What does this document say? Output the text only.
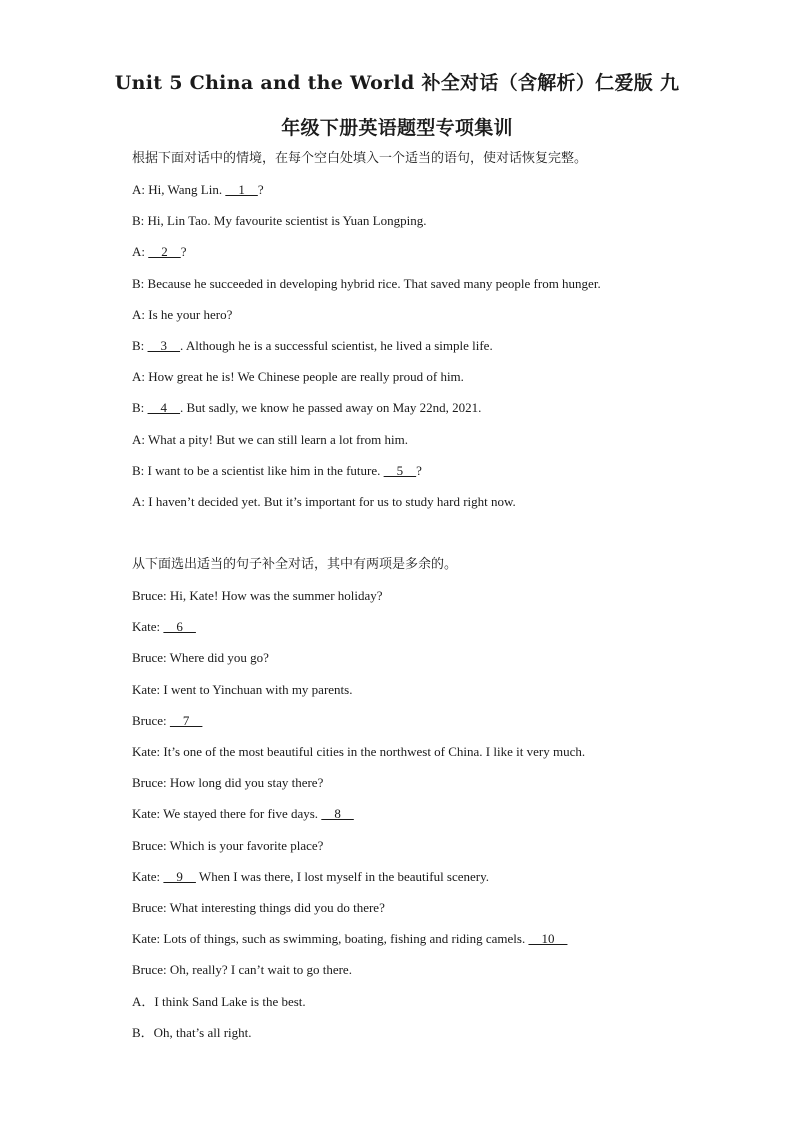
Unit 5 China and the World 补全对话（含解析）仁爱版 九
年级下册英语题型专项集训
根据下面对话中的情境，在每个空白处填入一个适当的语句，使对话恢复完整。
A: Hi, Wang Lin.     1    ?
B: Hi, Lin Tao. My favourite scientist is Yuan Longping.
A:     2    ?
B: Because he succeeded in developing hybrid rice. That saved many people from hunger.
A: Is he your hero?
B:     3    . Although he is a successful scientist, he lived a simple life.
A: How great he is! We Chinese people are really proud of him.
B:     4    . But sadly, we know he passed away on May 22nd, 2021.
A: What a pity! But we can still learn a lot from him.
B: I want to be a scientist like him in the future.     5    ?
A: I haven’t decided yet. But it’s important for us to study hard right now.
从下面选出适当的句子补全对话，其中有两项是多余的。
Bruce: Hi, Kate! How was the summer holiday?
Kate:     6
Bruce: Where did you go?
Kate: I went to Yinchuan with my parents.
Bruce:     7
Kate: It’s one of the most beautiful cities in the northwest of China. I like it very much.
Bruce: How long did you stay there?
Kate: We stayed there for five days.     8
Bruce: Which is your favorite place?
Kate:     9     When I was there, I lost myself in the beautiful scenery.
Bruce: What interesting things did you do there?
Kate: Lots of things, such as swimming, boating, fishing and riding camels.     10
Bruce: Oh, really? I can’t wait to go there.
A．I think Sand Lake is the best.
B．Oh, that’s all right.
